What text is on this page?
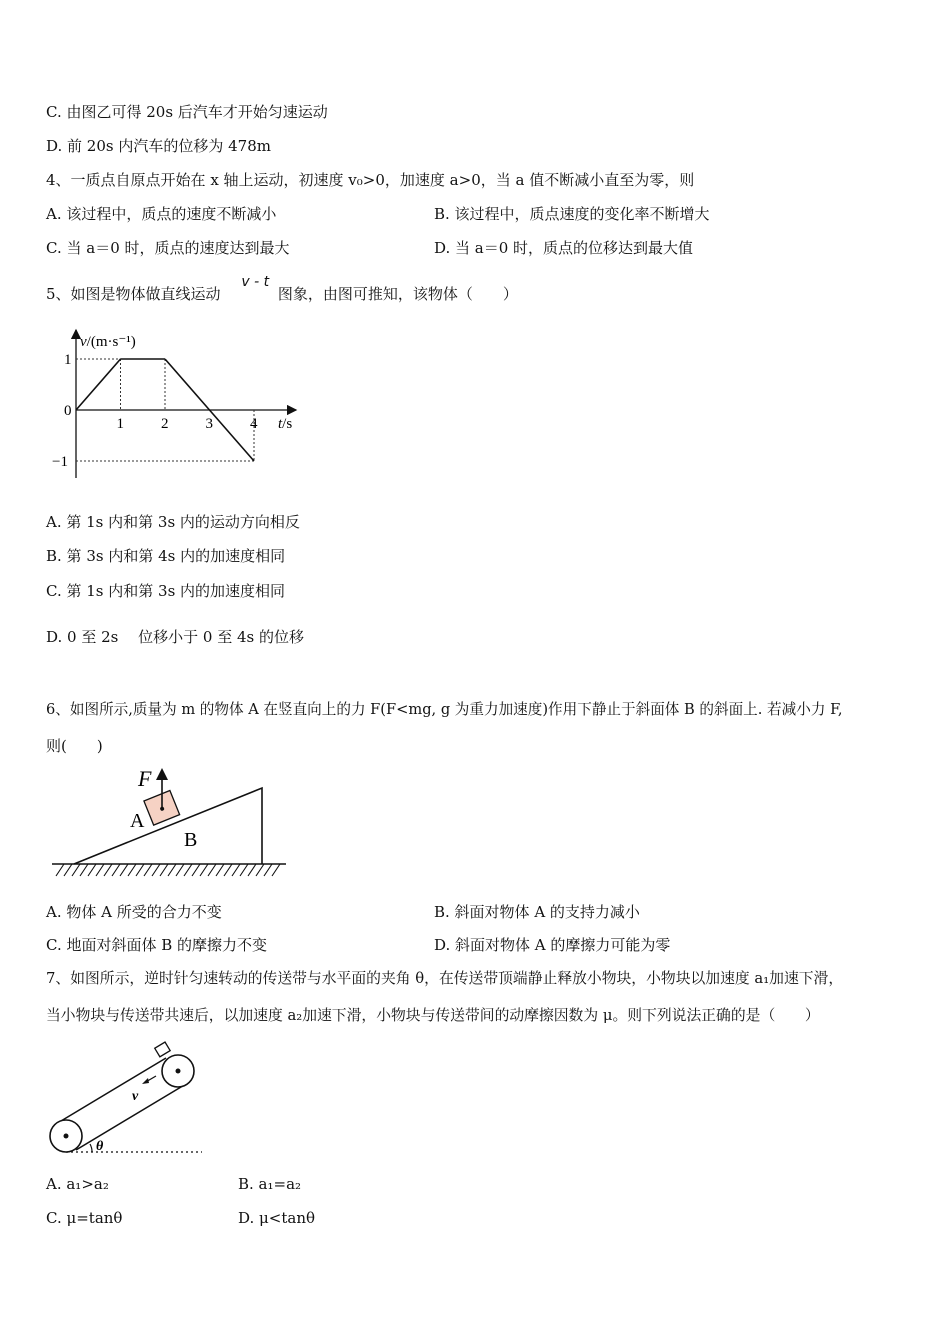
C. 由图乙可得 20s 后汽车才开始匀速运动
D. 前 20s 内汽车的位移为 478m
4、一质点自原点开始在 x 轴上运动，初速度 v₀>0，加速度 a>0，当 a 值不断减小直至为零，则
A. 该过程中，质点的速度不断减小	B. 该过程中，质点速度的变化率不断增大
C. 当 a＝0 时，质点的速度达到最大	D. 当 a＝0 时，质点的位移达到最大值
5、如图是物体做直线运动 v - t 图象，由图可推知，该物体（　　）
1 2 3 4
1
0
−1
v/(m·s⁻¹)
t/s
A. 第 1s 内和第 3s 内的运动方向相反
B. 第 3s 内和第 4s 内的加速度相同
C. 第 1s 内和第 3s 内的加速度相同
D. 0 至 2s　 位移小于 0 至 4s 的位移
6、如图所示,质量为 m 的物体 A 在竖直向上的力 F(F<mg, g 为重力加速度)作用下静止于斜面体 B 的斜面上. 若减小力 F,
则(　　)
F
A
B
A. 物体 A 所受的合力不变	B. 斜面对物体 A 的支持力减小
C. 地面对斜面体 B 的摩擦力不变	D. 斜面对物体 A 的摩擦力可能为零
7、如图所示，逆时针匀速转动的传送带与水平面的夹角 θ，在传送带顶端静止释放小物块，小物块以加速度 a₁加速下滑，
当小物块与传送带共速后，以加速度 a₂加速下滑，小物块与传送带间的动摩擦因数为 μ。则下列说法正确的是（　　）
v
θ
A. a₁>a₂	B. a₁=a₂
C. μ=tanθ	D. μ<tanθ
